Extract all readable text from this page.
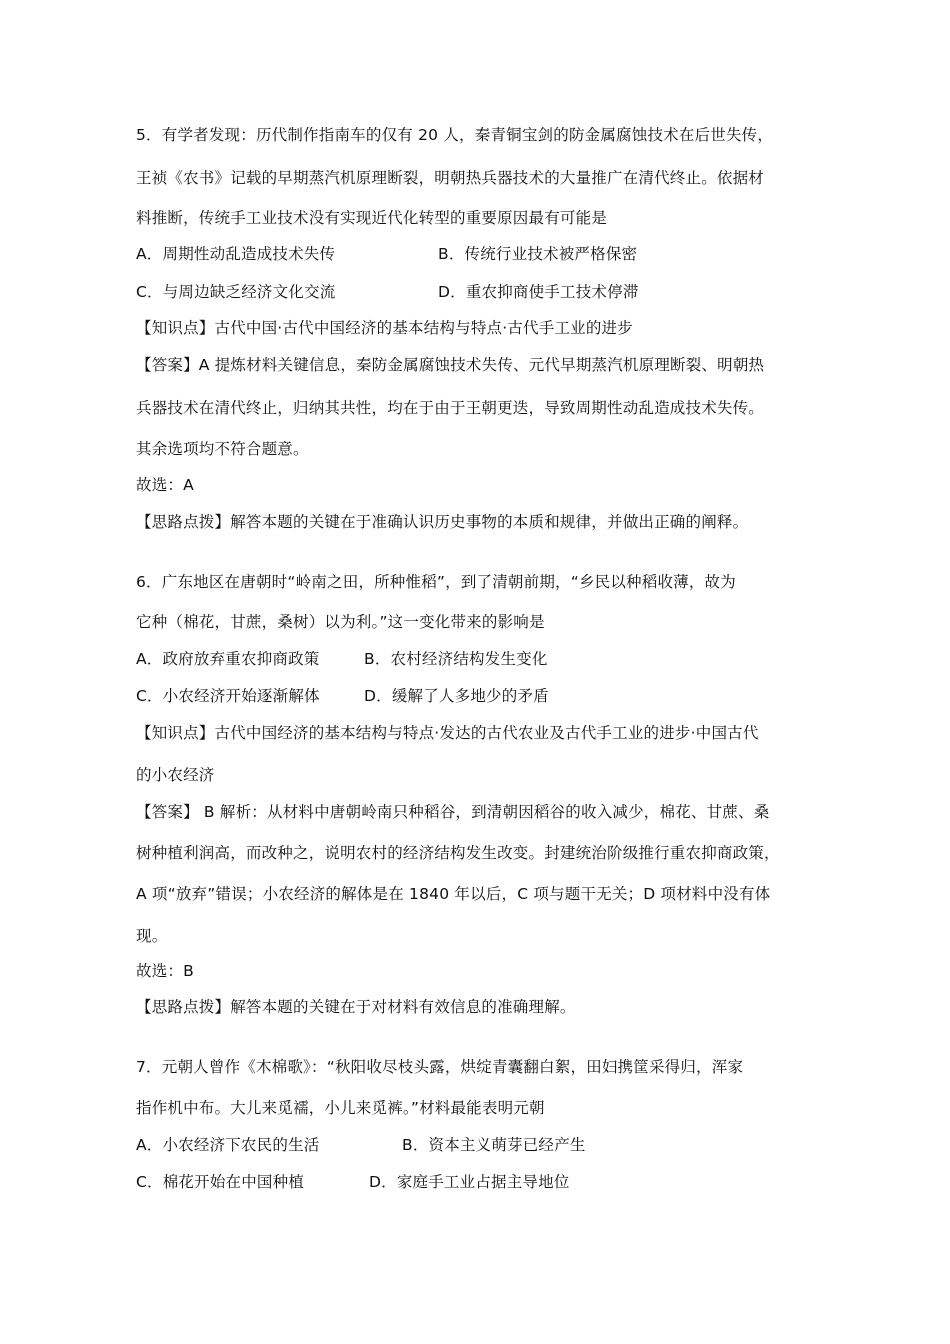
5．有学者发现：历代制作指南车的仅有 20 人，秦青铜宝剑的防金属腐蚀技术在后世失传，
王祯《农书》记载的早期蒸汽机原理断裂，明朝热兵器技术的大量推广在清代终止。依据材
料推断，传统手工业技术没有实现近代化转型的重要原因最有可能是
A．周期性动乱造成技术失传	B．传统行业技术被严格保密
C．与周边缺乏经济文化交流	D．重农抑商使手工技术停滞
【知识点】古代中国·古代中国经济的基本结构与特点·古代手工业的进步
【答案】A 提炼材料关键信息，秦防金属腐蚀技术失传、元代早期蒸汽机原理断裂、明朝热
兵器技术在清代终止，归纳其共性，均在于由于王朝更迭，导致周期性动乱造成技术失传。
其余选项均不符合题意。
故选：A
【思路点拨】解答本题的关键在于准确认识历史事物的本质和规律，并做出正确的阐释。
6．广东地区在唐朝时“岭南之田，所种惟稻”，到了清朝前期，“乡民以种稻收薄，故为
它种（棉花，甘蔗，桑树）以为利。”这一变化带来的影响是
A．政府放弃重农抑商政策	B．农村经济结构发生变化
C．小农经济开始逐渐解体	D．缓解了人多地少的矛盾
【知识点】古代中国经济的基本结构与特点·发达的古代农业及古代手工业的进步·中国古代
的小农经济
【答案】 B 解析：从材料中唐朝岭南只种稻谷，到清朝因稻谷的收入减少，棉花、甘蔗、桑
树种植利润高，而改种之，说明农村的经济结构发生改变。封建统治阶级推行重农抑商政策，
A 项“放弃”错误；小农经济的解体是在 1840 年以后，C 项与题干无关；D 项材料中没有体
现。
故选：B
【思路点拨】解答本题的关键在于对材料有效信息的准确理解。
7．元朝人曾作《木棉歌》：“秋阳收尽枝头露，烘绽青囊翻白絮，田妇携筐采得归，浑家
指作机中布。大儿来觅襦，小儿来觅裤。”材料最能表明元朝
A．小农经济下农民的生活	B．资本主义萌芽已经产生
C．棉花开始在中国种植	D．家庭手工业占据主导地位
